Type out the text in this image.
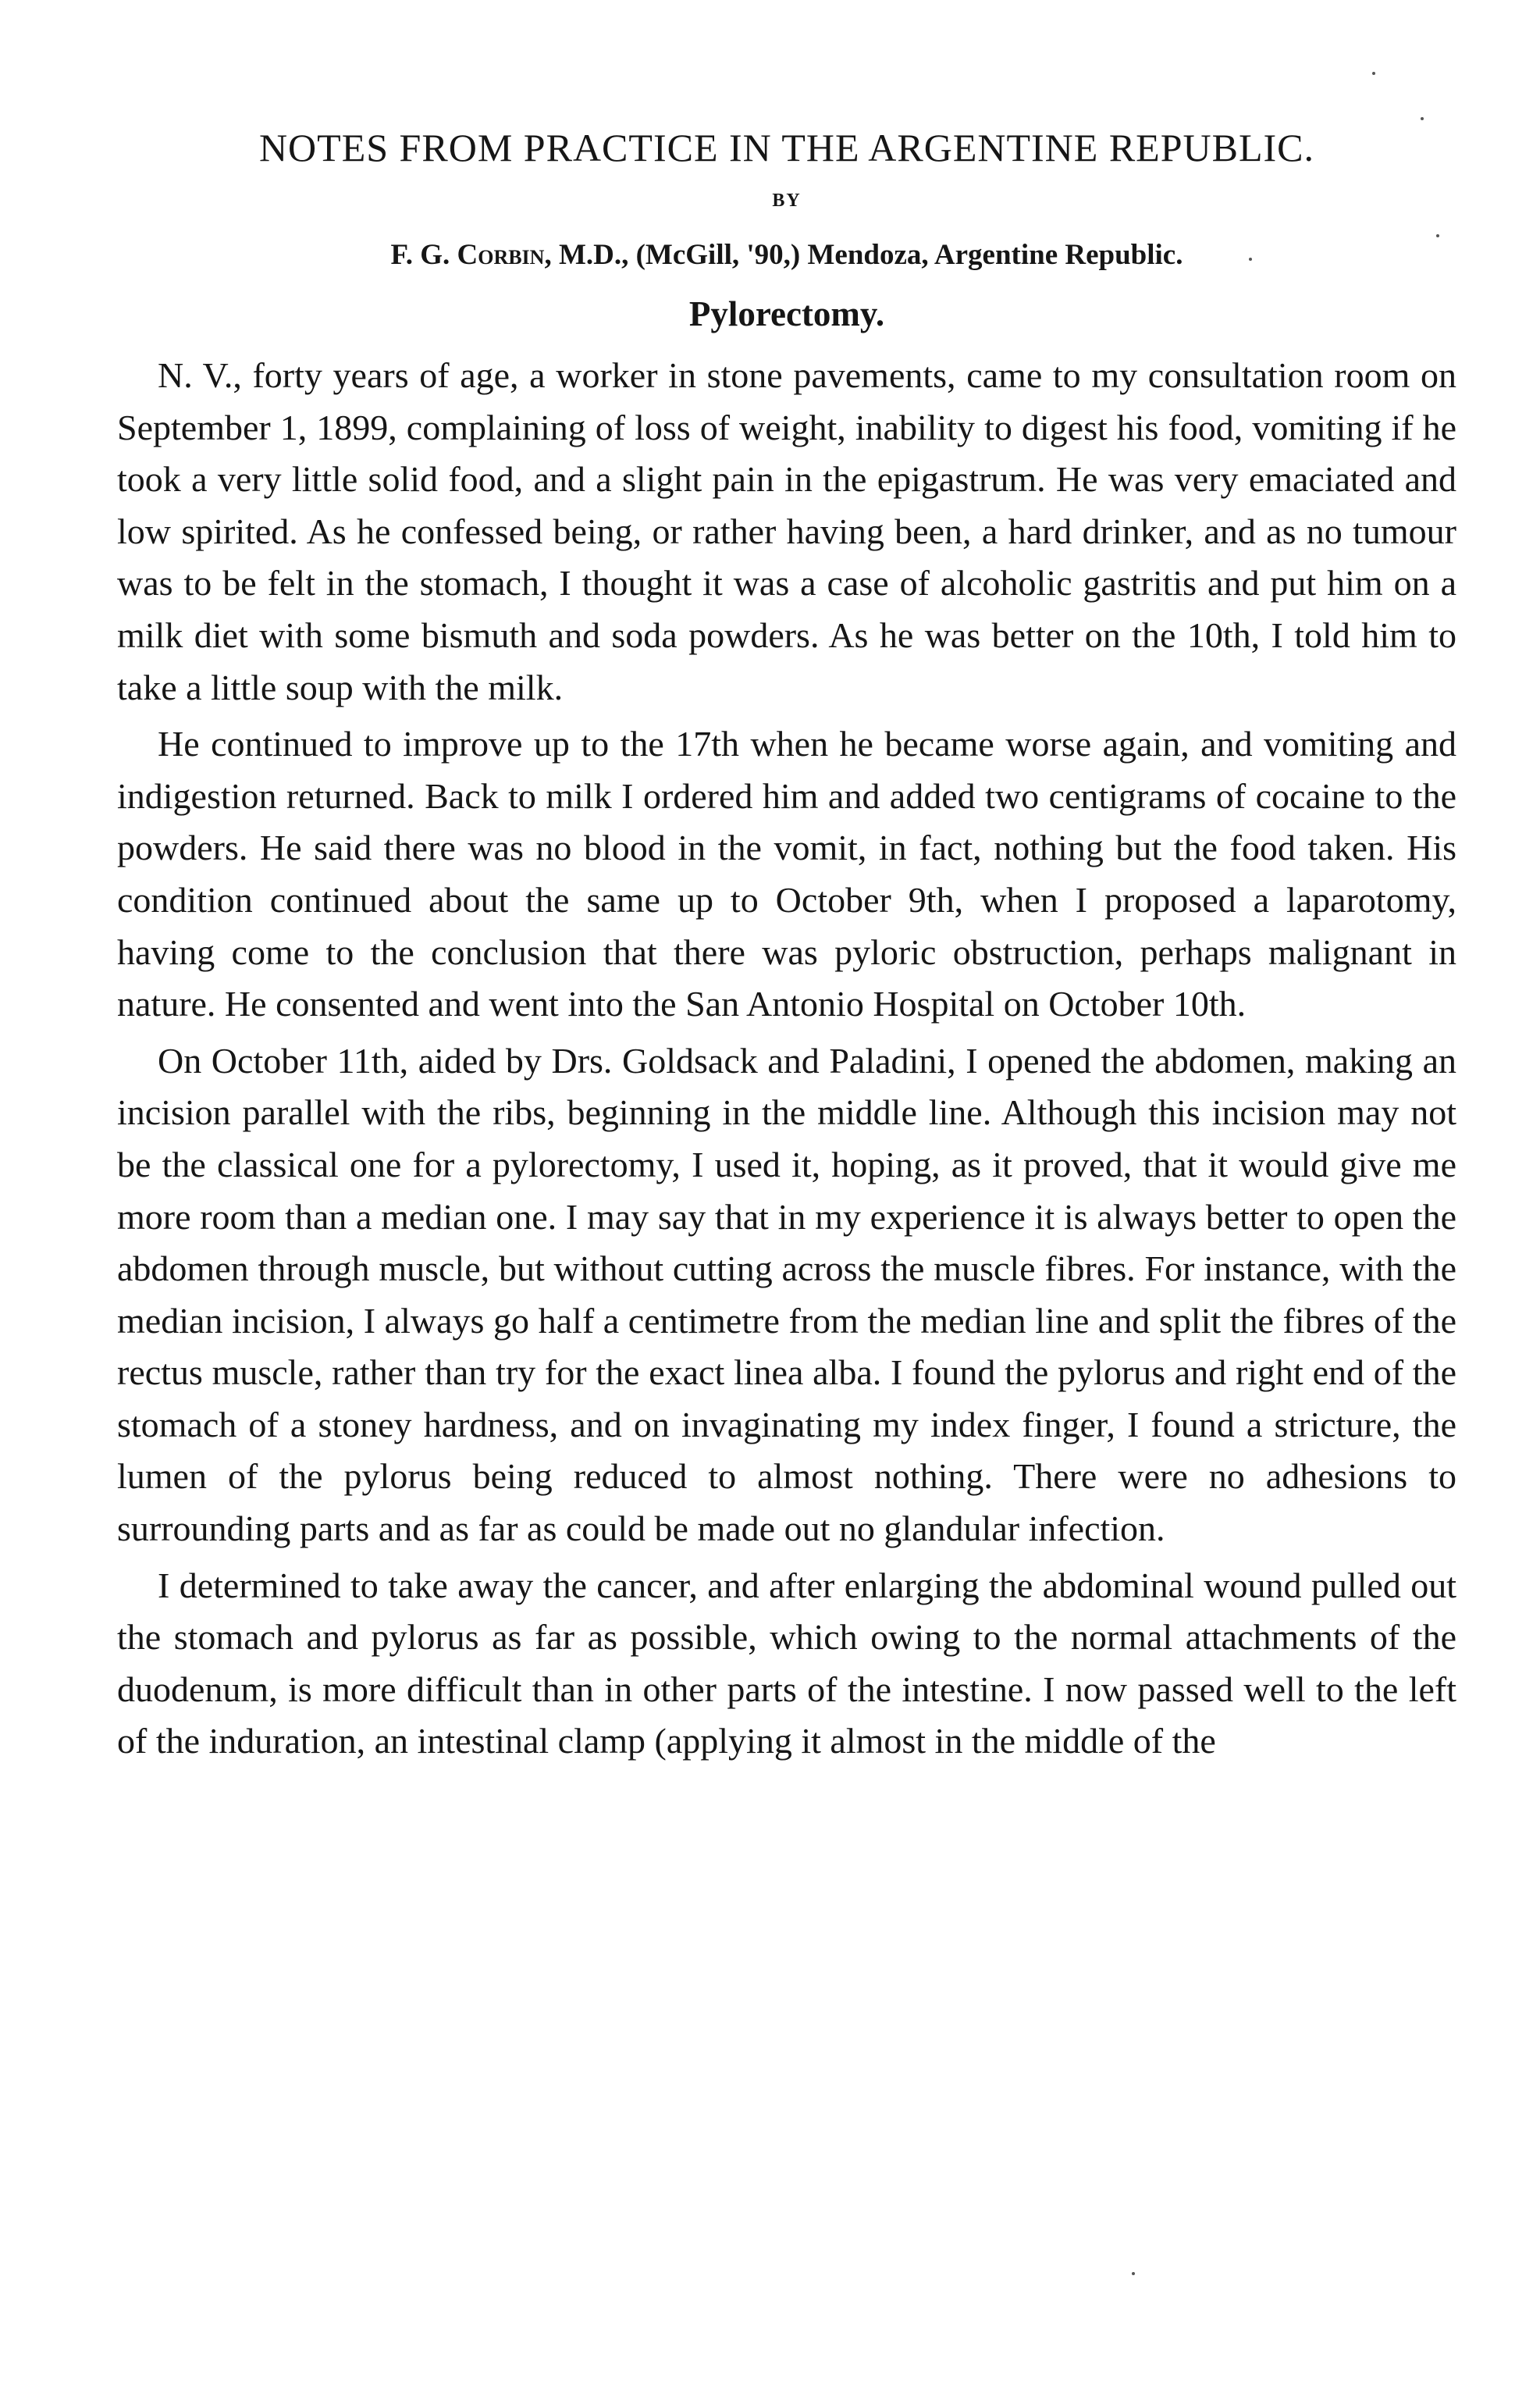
NOTES FROM PRACTICE IN THE ARGENTINE REPUBLIC.
BY
F. G. Corbin, M.D., (McGill, '90,) Mendoza, Argentine Republic.
Pylorectomy.

N. V., forty years of age, a worker in stone pavements, came to my consultation room on September 1, 1899, complaining of loss of weight, inability to digest his food, vomiting if he took a very little solid food, and a slight pain in the epigastrum. He was very emaciated and low spirited. As he confessed being, or rather having been, a hard drinker, and as no tumour was to be felt in the stomach, I thought it was a case of alcoholic gastritis and put him on a milk diet with some bismuth and soda powders. As he was better on the 10th, I told him to take a little soup with the milk.

He continued to improve up to the 17th when he became worse again, and vomiting and indigestion returned. Back to milk I ordered him and added two centigrams of cocaine to the powders. He said there was no blood in the vomit, in fact, nothing but the food taken. His condition continued about the same up to October 9th, when I proposed a laparotomy, having come to the conclusion that there was pyloric obstruction, perhaps malignant in nature. He consented and went into the San Antonio Hospital on October 10th.

On October 11th, aided by Drs. Goldsack and Paladini, I opened the abdomen, making an incision parallel with the ribs, beginning in the middle line. Although this incision may not be the classical one for a pylorectomy, I used it, hoping, as it proved, that it would give me more room than a median one. I may say that in my experience it is always better to open the abdomen through muscle, but without cutting across the muscle fibres. For instance, with the median incision, I always go half a centimetre from the median line and split the fibres of the rectus muscle, rather than try for the exact linea alba. I found the pylorus and right end of the stomach of a stoney hardness, and on invaginating my index finger, I found a stricture, the lumen of the pylorus being reduced to almost nothing. There were no adhesions to surrounding parts and as far as could be made out no glandular infection.

I determined to take away the cancer, and after enlarging the abdominal wound pulled out the stomach and pylorus as far as possible, which owing to the normal attachments of the duodenum, is more difficult than in other parts of the intestine. I now passed well to the left of the induration, an intestinal clamp (applying it almost in the middle of the
